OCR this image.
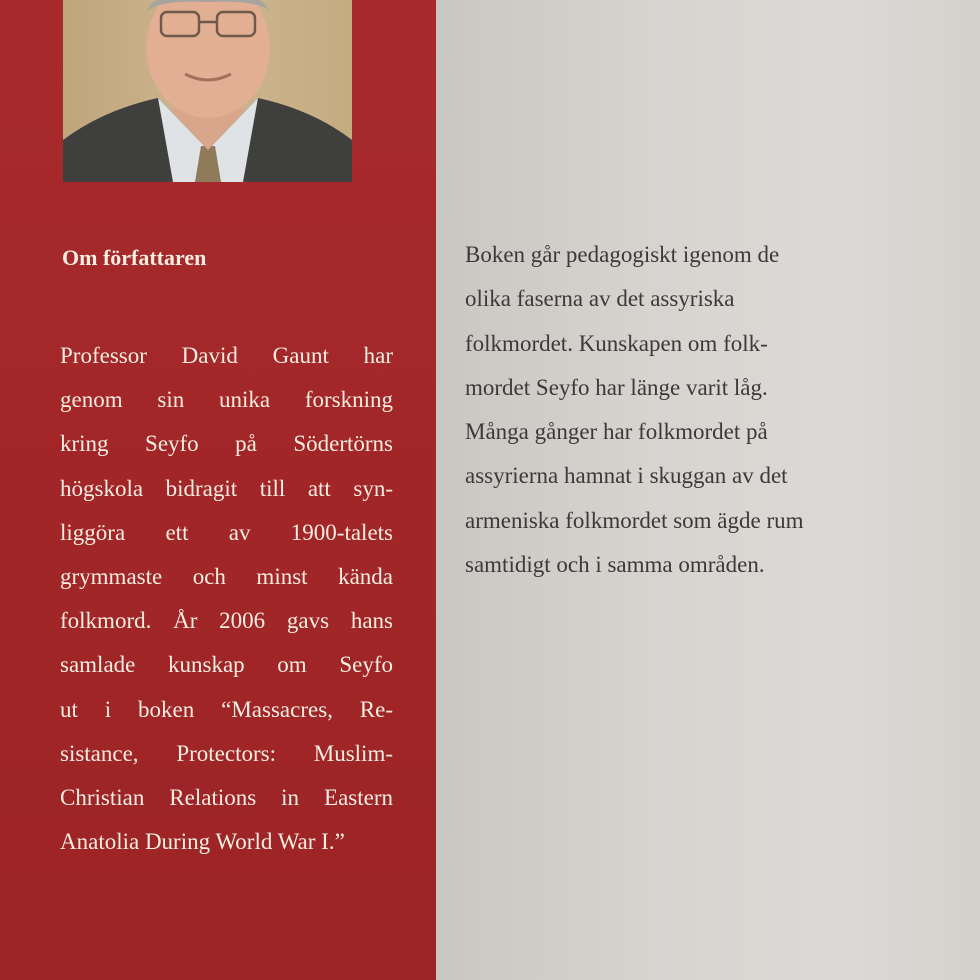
Om författaren
Professor David Gaunt har
genom sin unika forskning
kring Seyfo på Södertörns
högskola bidragit till att syn-
liggöra ett av 1900-talets
grymmaste och minst kända
folkmord. År 2006 gavs hans
samlade kunskap om Seyfo
ut i boken “Massacres, Re-
sistance, Protectors: Muslim-
Christian Relations in Eastern
Anatolia During World War I.”
Boken går pedagogiskt igenom de
olika faserna av det assyriska
folkmordet. Kunskapen om folk-
mordet Seyfo har länge varit låg.
Många gånger har folkmordet på
assyrierna hamnat i skuggan av det
armeniska folkmordet som ägde rum
samtidigt och i samma områden.
